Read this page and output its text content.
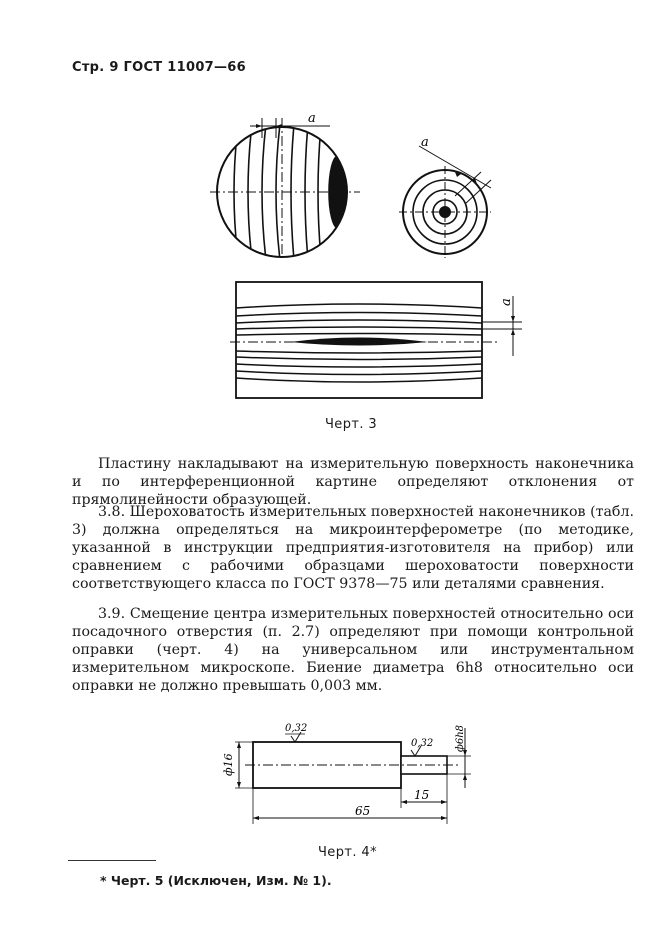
Стр. 9 ГОСТ 11007—66
а
а
а
Черт. 3
Пластину накладывают на измерительную поверхность наконечника и по интерференционной картине определяют отклонения от прямолинейности образующей.
3.8. Шероховатость измерительных поверхностей наконечников (табл. 3) должна определяться на микроинтерферометре (по методике, указанной в инструкции предприятия-изготовителя на прибор) или сравнением с рабочими образцами шероховатости поверхности соответствующего класса по ГОСТ 9378—75 или деталями сравнения.
3.9. Смещение центра измерительных поверхностей относительно оси посадочного отверстия (п. 2.7) определяют при помощи контрольной оправки (черт. 4) на универсальном или инструментальном измерительном микроскопе. Биение диаметра 6h8 относительно оси оправки не должно превышать 0,003 мм.
0,32
0,32
ф16
ф6h8
65
15
Черт. 4*
* Черт. 5 (Исключен, Изм. № 1).
